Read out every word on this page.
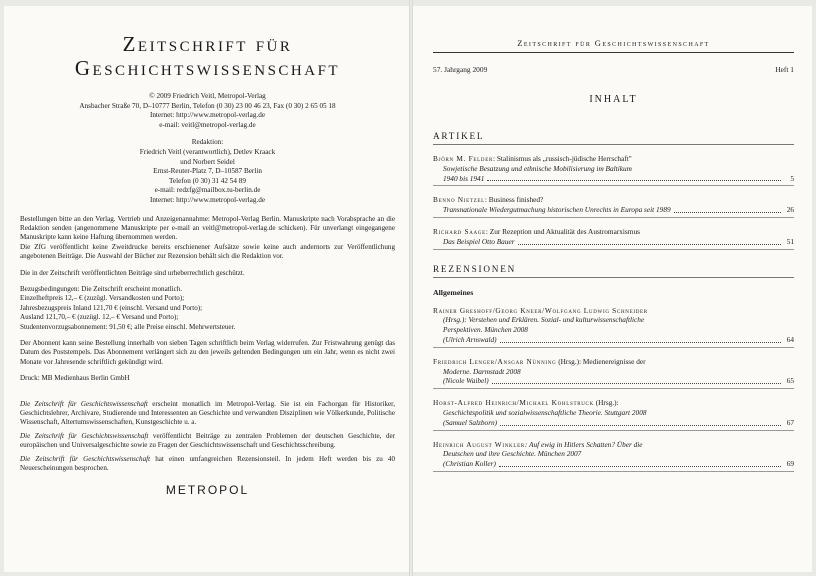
Zeitschrift für
Geschichtswissenschaft
© 2009 Friedrich Veitl, Metropol-Verlag
Ansbacher Straße 70, D–10777 Berlin, Telefon (0 30) 23 00 46 23, Fax (0 30) 2 65 05 18
Internet: http://www.metropol-verlag.de
e-mail: veitl@metropol-verlag.de
Redaktion:
Friedrich Veitl (verantwortlich), Detlev Kraack
und Norbert Seidel
Ernst-Reuter-Platz 7, D–10587 Berlin
Telefon (0 30) 31 42 54 89
e-mail: redzfg@mailbox.tu-berlin.de
Internet: http://www.metropol-verlag.de

Bestellungen bitte an den Verlag. Vertrieb und Anzeigenannahme: Metropol-Verlag Berlin. Manuskripte nach Vorabsprache an die Redaktion senden (angenommene Manuskripte per e-mail an veitl@metropol-verlag.de schicken). Für unverlangt eingegangene Manuskripte kann keine Haftung übernommen werden.

Die ZfG veröffentlicht keine Zweitdrucke bereits erschienener Aufsätze sowie keine auch andernorts zur Veröffentlichung angebotenen Beiträge. Die Auswahl der Bücher zur Rezension behält sich die Redaktion vor.

Die in der Zeitschrift veröffentlichten Beiträge sind urheberrechtlich geschützt.

Bezugsbedingungen: Die Zeitschrift erscheint monatlich.

Einzelheftpreis 12,– € (zuzügl. Versandkosten und Porto);

Jahresbezugspreis Inland 121,70 € (einschl. Versand und Porto);

Ausland 121,70,– € (zuzügl. 12,– € Versand und Porto);

Studentenvorzugsabonnement: 91,50 €; alle Preise einschl. Mehrwertsteuer.

Der Abonnent kann seine Bestellung innerhalb von sieben Tagen schriftlich beim Verlag widerrufen. Zur Fristwahrung genügt das Datum des Poststempels. Das Abonnement verlängert sich zu den jeweils geltenden Bedingungen um ein Jahr, wenn es nicht zwei Monate vor Jahresende schriftlich gekündigt wird.

Druck: MB Medienhaus Berlin GmbH

Die Zeitschrift für Geschichtswissenschaft erscheint monatlich im Metropol-Verlag. Sie ist ein Fachorgan für Historiker, Geschichtslehrer, Archivare, Studierende und Interessenten an Geschichte und verwandten Disziplinen wie Völkerkunde, Politische Wissenschaft, Altertumswissenschaften, Kunstgeschichte u. a.

Die Zeitschrift für Geschichtswissenschaft veröffentlicht Beiträge zu zentralen Problemen der deutschen Geschichte, der europäischen und Universalgeschichte sowie zu Fragen der Geschichtswissenschaft und Geschichtsschreibung.

Die Zeitschrift für Geschichtswissenschaft hat einen umfangreichen Rezensionsteil. In jedem Heft werden bis zu 40 Neuerscheinungen besprochen.

METROPOL
Zeitschrift für Geschichtswissenschaft
57. Jahrgang 2009	Heft 1
INHALT
ARTIKEL
Björn M. Felder: Stalinismus als „russisch-jüdische Herrschaft"
Sowjetische Besatzung und ethnische Mobilisierung im Baltikum
1940 bis 1941	5
Benno Nietzel: Business finished?
Transnationale Wiedergutmachung historischen Unrechts in Europa seit 1989	26
Richard Saage: Zur Rezeption und Aktualität des Austromarxismus
Das Beispiel Otto Bauer	51
REZENSIONEN
Allgemeines
Rainer Greshoff/Georg Kneer/Wolfgang Ludwig Schneider
(Hrsg.): Verstehen und Erklären. Sozial- und kulturwissenschaftliche
Perspektiven. München 2008
(Ulrich Arnswald)	64
Friedrich Lenger/Ansgar Nünning (Hrsg.): Medienereignisse der
Moderne. Darmstadt 2008
(Nicole Waibel)	65
Horst-Alfred Heinrich/Michael Kohlstruck (Hrsg.):
Geschichtspolitik und sozialwissenschaftliche Theorie. Stuttgart 2008
(Samuel Salzborn)	67
Heinrich August Winkler: Auf ewig in Hitlers Schatten? Über die
Deutschen und ihre Geschichte. München 2007
(Christian Koller)	69
